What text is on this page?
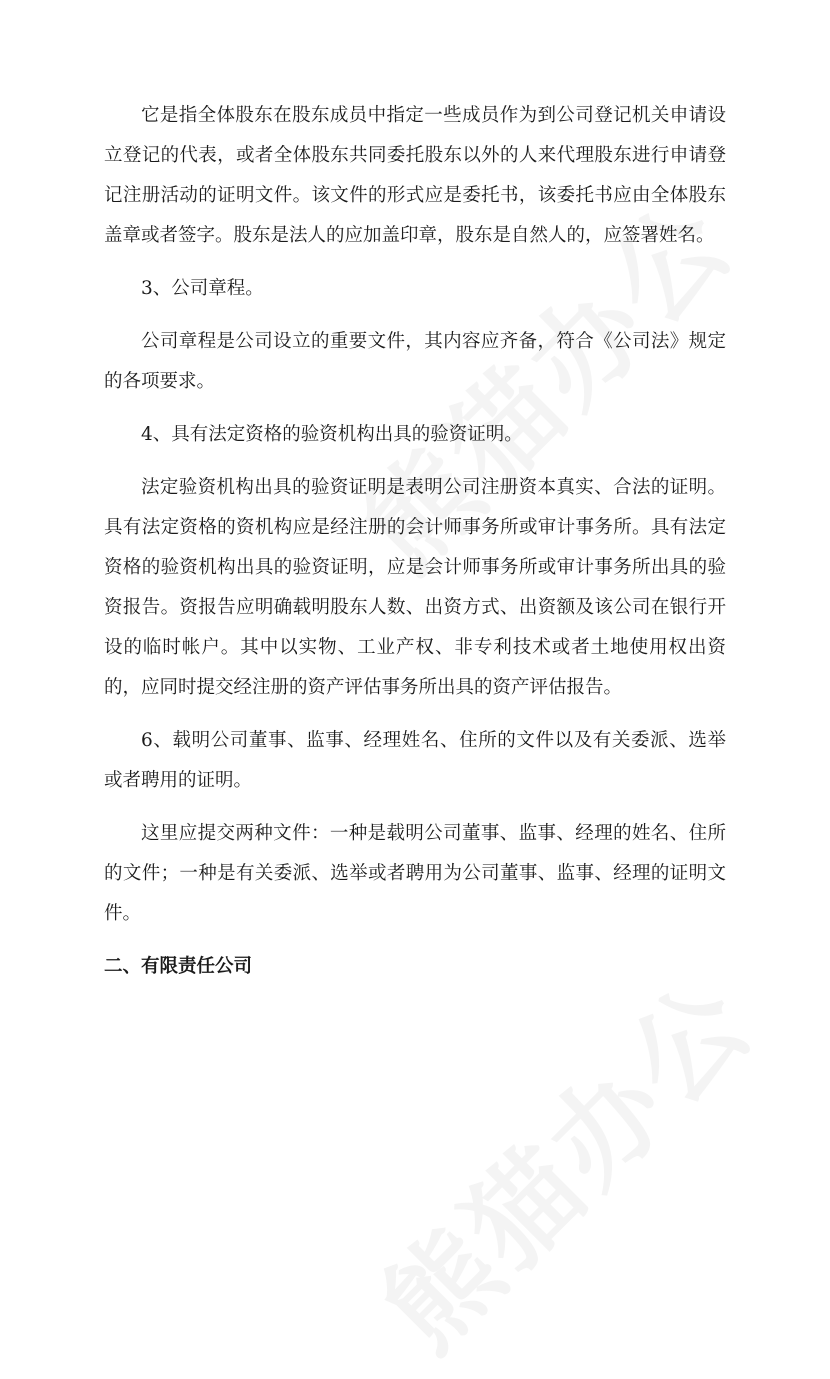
它是指全体股东在股东成员中指定一些成员作为到公司登记机关申请设立登记的代表，或者全体股东共同委托股东以外的人来代理股东进行申请登记注册活动的证明文件。该文件的形式应是委托书，该委托书应由全体股东盖章或者签字。股东是法人的应加盖印章，股东是自然人的，应签署姓名。

3、公司章程。

公司章程是公司设立的重要文件，其内容应齐备，符合《公司法》规定的各项要求。

4、具有法定资格的验资机构出具的验资证明。

法定验资机构出具的验资证明是表明公司注册资本真实、合法的证明。具有法定资格的资机构应是经注册的会计师事务所或审计事务所。具有法定资格的验资机构出具的验资证明，应是会计师事务所或审计事务所出具的验资报告。资报告应明确载明股东人数、出资方式、出资额及该公司在银行开设的临时帐户。其中以实物、工业产权、非专利技术或者土地使用权出资的，应同时提交经注册的资产评估事务所出具的资产评估报告。

6、载明公司董事、监事、经理姓名、住所的文件以及有关委派、选举或者聘用的证明。

这里应提交两种文件：一种是载明公司董事、监事、经理的姓名、住所的文件；一种是有关委派、选举或者聘用为公司董事、监事、经理的证明文件。

二、有限责任公司
